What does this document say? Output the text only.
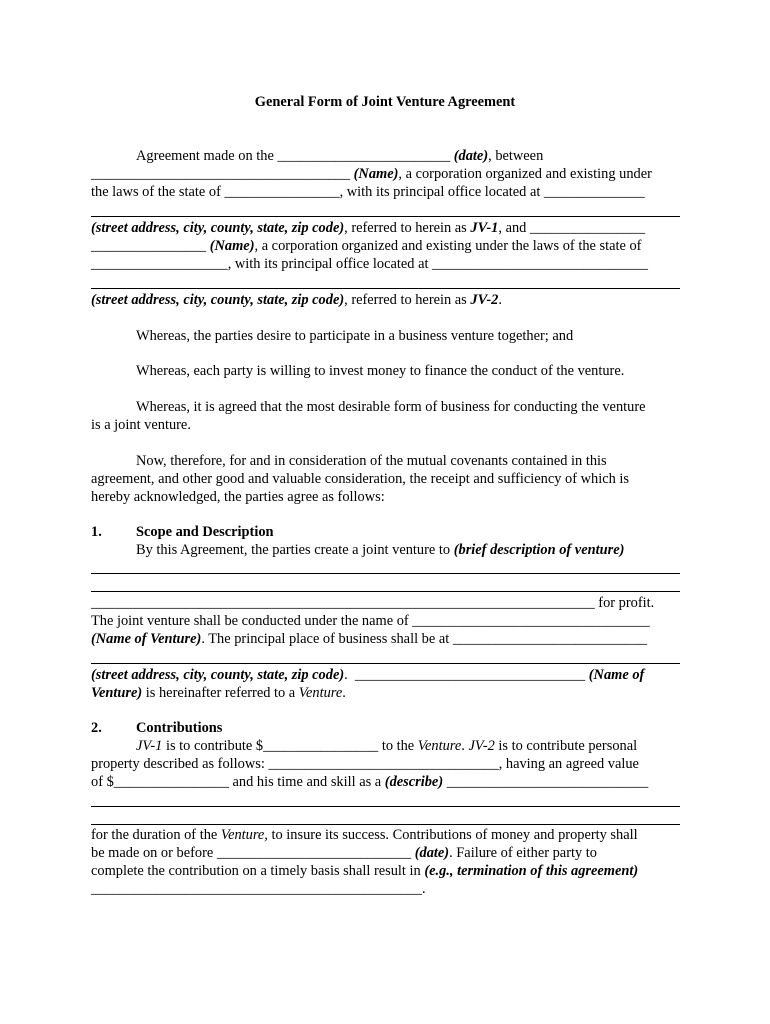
General Form of Joint Venture Agreement
Agreement made on the ________________________ (date), between
____________________________________ (Name), a corporation organized and existing under
the laws of the state of ________________, with its principal office located at ______________
(street address, city, county, state, zip code), referred to herein as JV-1, and ________________
________________ (Name), a corporation organized and existing under the laws of the state of
___________________, with its principal office located at ______________________________
(street address, city, county, state, zip code), referred to herein as JV-2.
Whereas, the parties desire to participate in a business venture together; and
Whereas, each party is willing to invest money to finance the conduct of the venture.
Whereas, it is agreed that the most desirable form of business for conducting the venture
is a joint venture.
Now, therefore, for and in consideration of the mutual covenants contained in this
agreement, and other good and valuable consideration, the receipt and sufficiency of which is
hereby acknowledged, the parties agree as follows:
1. Scope and Description
By this Agreement, the parties create a joint venture to (brief description of venture)
______________________________________________________________________ for profit.
The joint venture shall be conducted under the name of _________________________________
(Name of Venture). The principal place of business shall be at ___________________________
(street address, city, county, state, zip code).  ________________________________ (Name of
Venture) is hereinafter referred to a Venture.
2. Contributions
JV-1 is to contribute $________________ to the Venture. JV-2 is to contribute personal
property described as follows: ________________________________, having an agreed value
of $________________ and his time and skill as a (describe) ____________________________
for the duration of the Venture, to insure its success. Contributions of money and property shall
be made on or before ___________________________ (date). Failure of either party to
complete the contribution on a timely basis shall result in (e.g., termination of this agreement)
______________________________________________.
